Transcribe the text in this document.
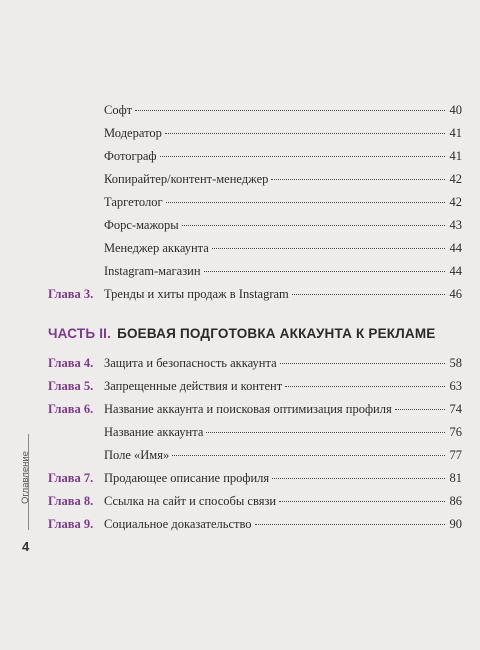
Софт	40
Модератор	41
Фотограф	41
Копирайтер/контент-менеджер	42
Таргетолог	42
Форс-мажоры	43
Менеджер аккаунта	44
Instagram-магазин	44
Глава 3. Тренды и хиты продаж в Instagram	46
ЧАСТЬ II. БОЕВАЯ ПОДГОТОВКА АККАУНТА К РЕКЛАМЕ
Глава 4. Защита и безопасность аккаунта	58
Глава 5. Запрещенные действия и контент	63
Глава 6. Название аккаунта и поисковая оптимизация профиля	74
Название аккаунта	76
Поле «Имя»	77
Глава 7. Продающее описание профиля	81
Глава 8. Ссылка на сайт и способы связи	86
Глава 9. Социальное доказательство	90
Оглавление
4
